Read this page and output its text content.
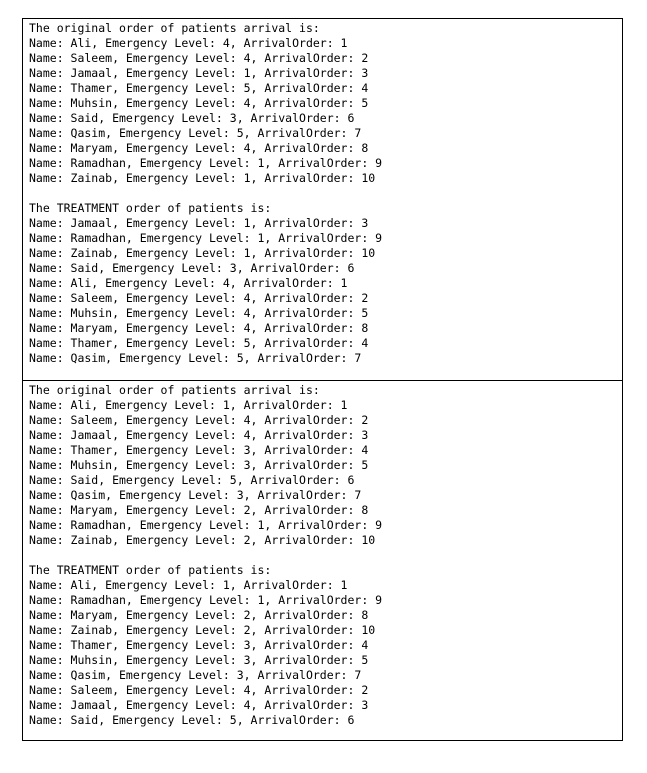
The original order of patients arrival is:
Name: Ali, Emergency Level: 4, ArrivalOrder: 1
Name: Saleem, Emergency Level: 4, ArrivalOrder: 2
Name: Jamaal, Emergency Level: 1, ArrivalOrder: 3
Name: Thamer, Emergency Level: 5, ArrivalOrder: 4
Name: Muhsin, Emergency Level: 4, ArrivalOrder: 5
Name: Said, Emergency Level: 3, ArrivalOrder: 6
Name: Qasim, Emergency Level: 5, ArrivalOrder: 7
Name: Maryam, Emergency Level: 4, ArrivalOrder: 8
Name: Ramadhan, Emergency Level: 1, ArrivalOrder: 9
Name: Zainab, Emergency Level: 1, ArrivalOrder: 10
The TREATMENT order of patients is:
Name: Jamaal, Emergency Level: 1, ArrivalOrder: 3
Name: Ramadhan, Emergency Level: 1, ArrivalOrder: 9
Name: Zainab, Emergency Level: 1, ArrivalOrder: 10
Name: Said, Emergency Level: 3, ArrivalOrder: 6
Name: Ali, Emergency Level: 4, ArrivalOrder: 1
Name: Saleem, Emergency Level: 4, ArrivalOrder: 2
Name: Muhsin, Emergency Level: 4, ArrivalOrder: 5
Name: Maryam, Emergency Level: 4, ArrivalOrder: 8
Name: Thamer, Emergency Level: 5, ArrivalOrder: 4
Name: Qasim, Emergency Level: 5, ArrivalOrder: 7
The original order of patients arrival is:
Name: Ali, Emergency Level: 1, ArrivalOrder: 1
Name: Saleem, Emergency Level: 4, ArrivalOrder: 2
Name: Jamaal, Emergency Level: 4, ArrivalOrder: 3
Name: Thamer, Emergency Level: 3, ArrivalOrder: 4
Name: Muhsin, Emergency Level: 3, ArrivalOrder: 5
Name: Said, Emergency Level: 5, ArrivalOrder: 6
Name: Qasim, Emergency Level: 3, ArrivalOrder: 7
Name: Maryam, Emergency Level: 2, ArrivalOrder: 8
Name: Ramadhan, Emergency Level: 1, ArrivalOrder: 9
Name: Zainab, Emergency Level: 2, ArrivalOrder: 10
The TREATMENT order of patients is:
Name: Ali, Emergency Level: 1, ArrivalOrder: 1
Name: Ramadhan, Emergency Level: 1, ArrivalOrder: 9
Name: Maryam, Emergency Level: 2, ArrivalOrder: 8
Name: Zainab, Emergency Level: 2, ArrivalOrder: 10
Name: Thamer, Emergency Level: 3, ArrivalOrder: 4
Name: Muhsin, Emergency Level: 3, ArrivalOrder: 5
Name: Qasim, Emergency Level: 3, ArrivalOrder: 7
Name: Saleem, Emergency Level: 4, ArrivalOrder: 2
Name: Jamaal, Emergency Level: 4, ArrivalOrder: 3
Name: Said, Emergency Level: 5, ArrivalOrder: 6
